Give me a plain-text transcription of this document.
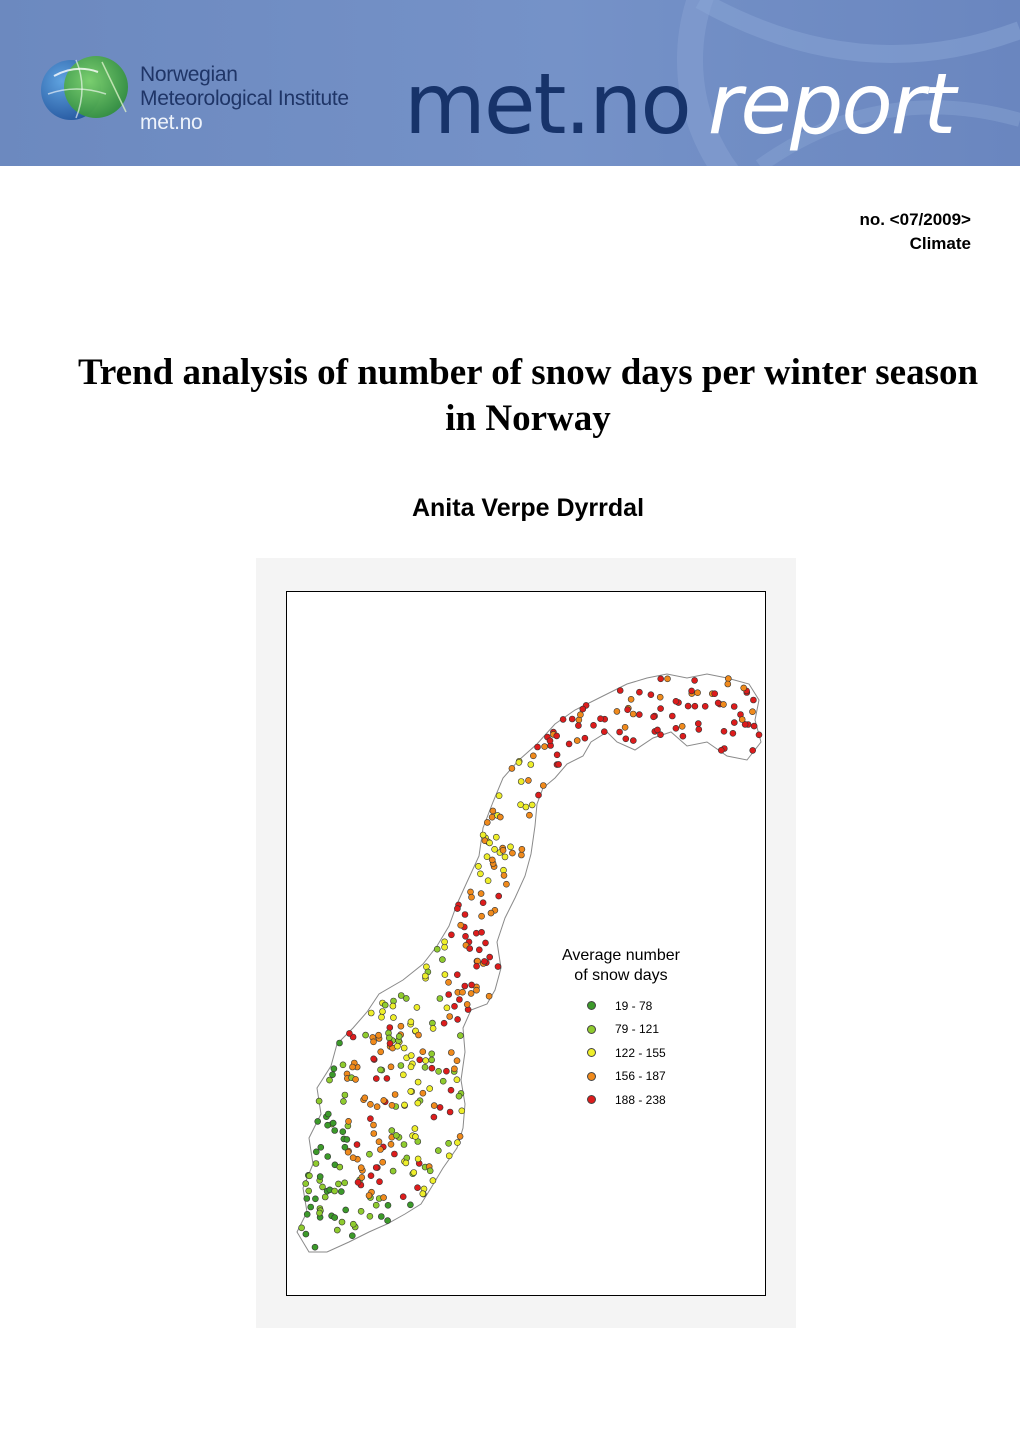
Norwegian
Meteorological Institute
met.no	met.no report
no. <07/2009>
Climate
Trend analysis of number of snow days per winter season in Norway
Anita Verpe Dyrrdal
Average number
of snow days
19 - 78
79 - 121
122 - 155
156 - 187
188 - 238
